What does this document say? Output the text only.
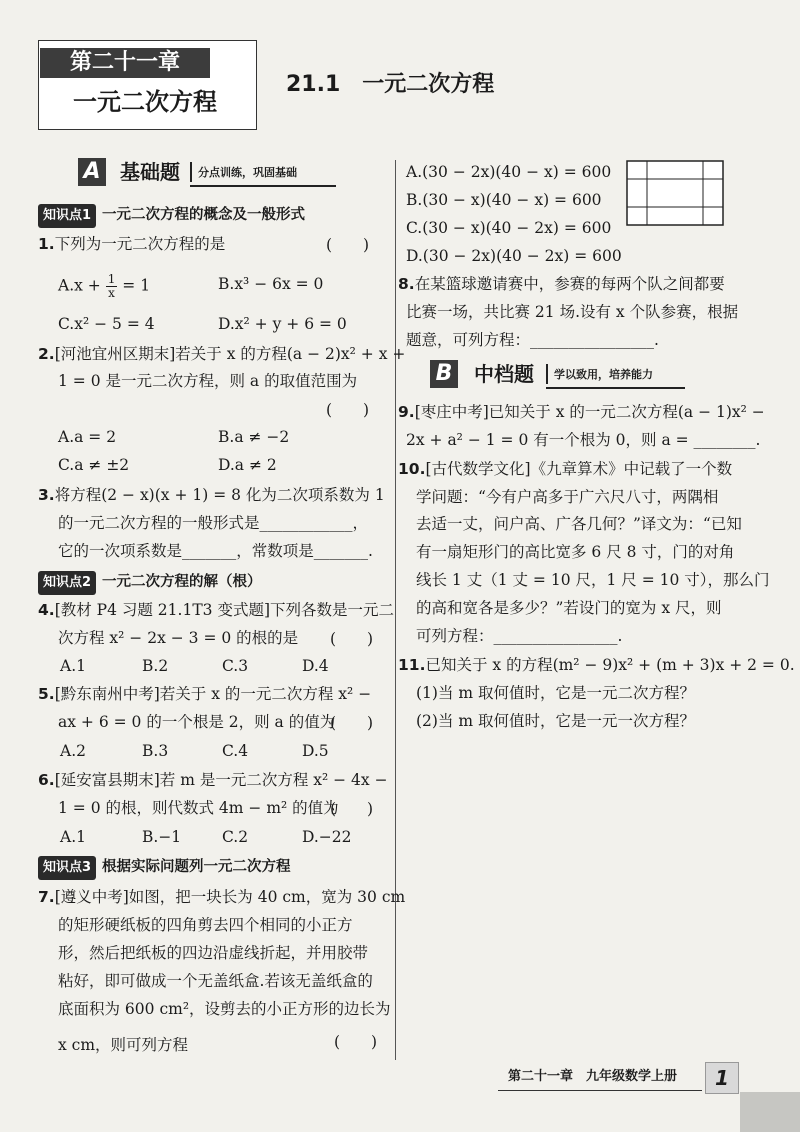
第二十一章
一元二次方程
21.1　一元二次方程
A 基础题 分点训练，巩固基础
知识点1 一元二次方程的概念及一般形式
1.下列为一元二次方程的是	(　　)
$A.x + \frac{1}{x} = 1$	B.x³ − 6x = 0
C.x² − 5 = 4	D.x² + y + 6 = 0
2.[河池宜州区期末]若关于 x 的方程(a − 2)x² + x +
1 = 0 是一元二次方程，则 a 的取值范围为
(　　)
A.a = 2	B.a ≠ −2
C.a ≠ ±2	D.a ≠ 2
3.将方程(2 − x)(x + 1) = 8 化为二次项系数为 1
的一元二次方程的一般形式是____________，
它的一次项系数是_______，常数项是_______.
知识点2 一元二次方程的解（根）
4.[教材 P4 习题 21.1T3 变式题]下列各数是一元二
次方程 x² − 2x − 3 = 0 的根的是 (　　)
A.1	B.2	C.3	D.4
5.[黔东南州中考]若关于 x 的一元二次方程 x² −
ax + 6 = 0 的一个根是 2，则 a 的值为
(　　)
A.2	B.3	C.4	D.5
6.[延安富县期末]若 m 是一元二次方程 x² − 4x −
1 = 0 的根，则代数式 4m − m² 的值为
(　　)
A.1	B.−1	C.2	D.−22
知识点3 根据实际问题列一元二次方程
7.[遵义中考]如图，把一块长为 40 cm，宽为 30 cm
的矩形硬纸板的四角剪去四个相同的小正方
形，然后把纸板的四边沿虚线折起，并用胶带
粘好，即可做成一个无盖纸盒.若该无盖纸盒的
底面积为 600 cm²，设剪去的小正方形的边长为
x cm，则可列方程	(　　)
A.(30 − 2x)(40 − x) = 600
B.(30 − x)(40 − x) = 600
C.(30 − x)(40 − 2x) = 600
D.(30 − 2x)(40 − 2x) = 600
8.在某篮球邀请赛中，参赛的每两个队之间都要
比赛一场，共比赛 21 场.设有 x 个队参赛，根据
题意，可列方程：________________.
B 中档题 学以致用，培养能力
9.[枣庄中考]已知关于 x 的一元二次方程(a − 1)x² −
2x + a² − 1 = 0 有一个根为 0，则 a = ________.
10.[古代数学文化]《九章算术》中记载了一个数
学问题：“今有户高多于广六尺八寸，两隅相
去适一丈，问户高、广各几何？”译文为：“已知
有一扇矩形门的高比宽多 6 尺 8 寸，门的对角
线长 1 丈（1 丈 = 10 尺，1 尺 = 10 寸），那么门
的高和宽各是多少？”若设门的宽为 x 尺，则
可列方程：________________.
11.已知关于 x 的方程(m² − 9)x² + (m + 3)x + 2 = 0.
(1)当 m 取何值时，它是一元二次方程？
(2)当 m 取何值时，它是一元一次方程？
第二十一章　九年级数学上册	1
